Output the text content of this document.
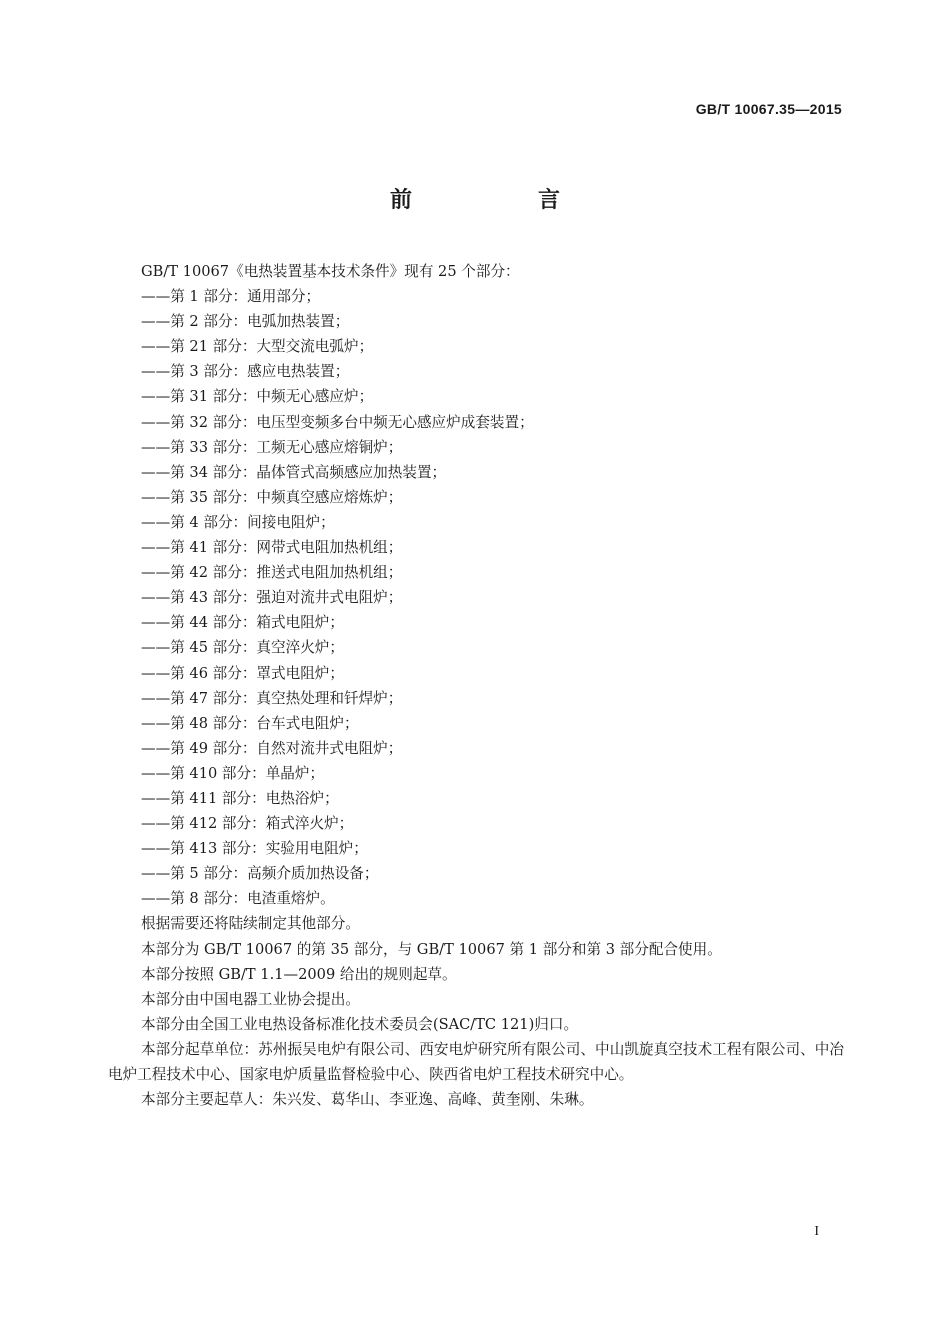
GB/T 10067.35—2015
前　言
GB/T 10067《电热装置基本技术条件》现有 25 个部分：
——第 1 部分：通用部分；
——第 2 部分：电弧加热装置；
——第 21 部分：大型交流电弧炉；
——第 3 部分：感应电热装置；
——第 31 部分：中频无心感应炉；
——第 32 部分：电压型变频多台中频无心感应炉成套装置；
——第 33 部分：工频无心感应熔铜炉；
——第 34 部分：晶体管式高频感应加热装置；
——第 35 部分：中频真空感应熔炼炉；
——第 4 部分：间接电阻炉；
——第 41 部分：网带式电阻加热机组；
——第 42 部分：推送式电阻加热机组；
——第 43 部分：强迫对流井式电阻炉；
——第 44 部分：箱式电阻炉；
——第 45 部分：真空淬火炉；
——第 46 部分：罩式电阻炉；
——第 47 部分：真空热处理和钎焊炉；
——第 48 部分：台车式电阻炉；
——第 49 部分：自然对流井式电阻炉；
——第 410 部分：单晶炉；
——第 411 部分：电热浴炉；
——第 412 部分：箱式淬火炉；
——第 413 部分：实验用电阻炉；
——第 5 部分：高频介质加热设备；
——第 8 部分：电渣重熔炉。
根据需要还将陆续制定其他部分。
本部分为 GB/T 10067 的第 35 部分，与 GB/T 10067 第 1 部分和第 3 部分配合使用。
本部分按照 GB/T 1.1—2009 给出的规则起草。
本部分由中国电器工业协会提出。
本部分由全国工业电热设备标准化技术委员会(SAC/TC 121)归口。
本部分起草单位：苏州振吴电炉有限公司、西安电炉研究所有限公司、中山凯旋真空技术工程有限公司、中冶电炉工程技术中心、国家电炉质量监督检验中心、陕西省电炉工程技术研究中心。
本部分主要起草人：朱兴发、葛华山、李亚逸、高峰、黄奎刚、朱琳。
I
